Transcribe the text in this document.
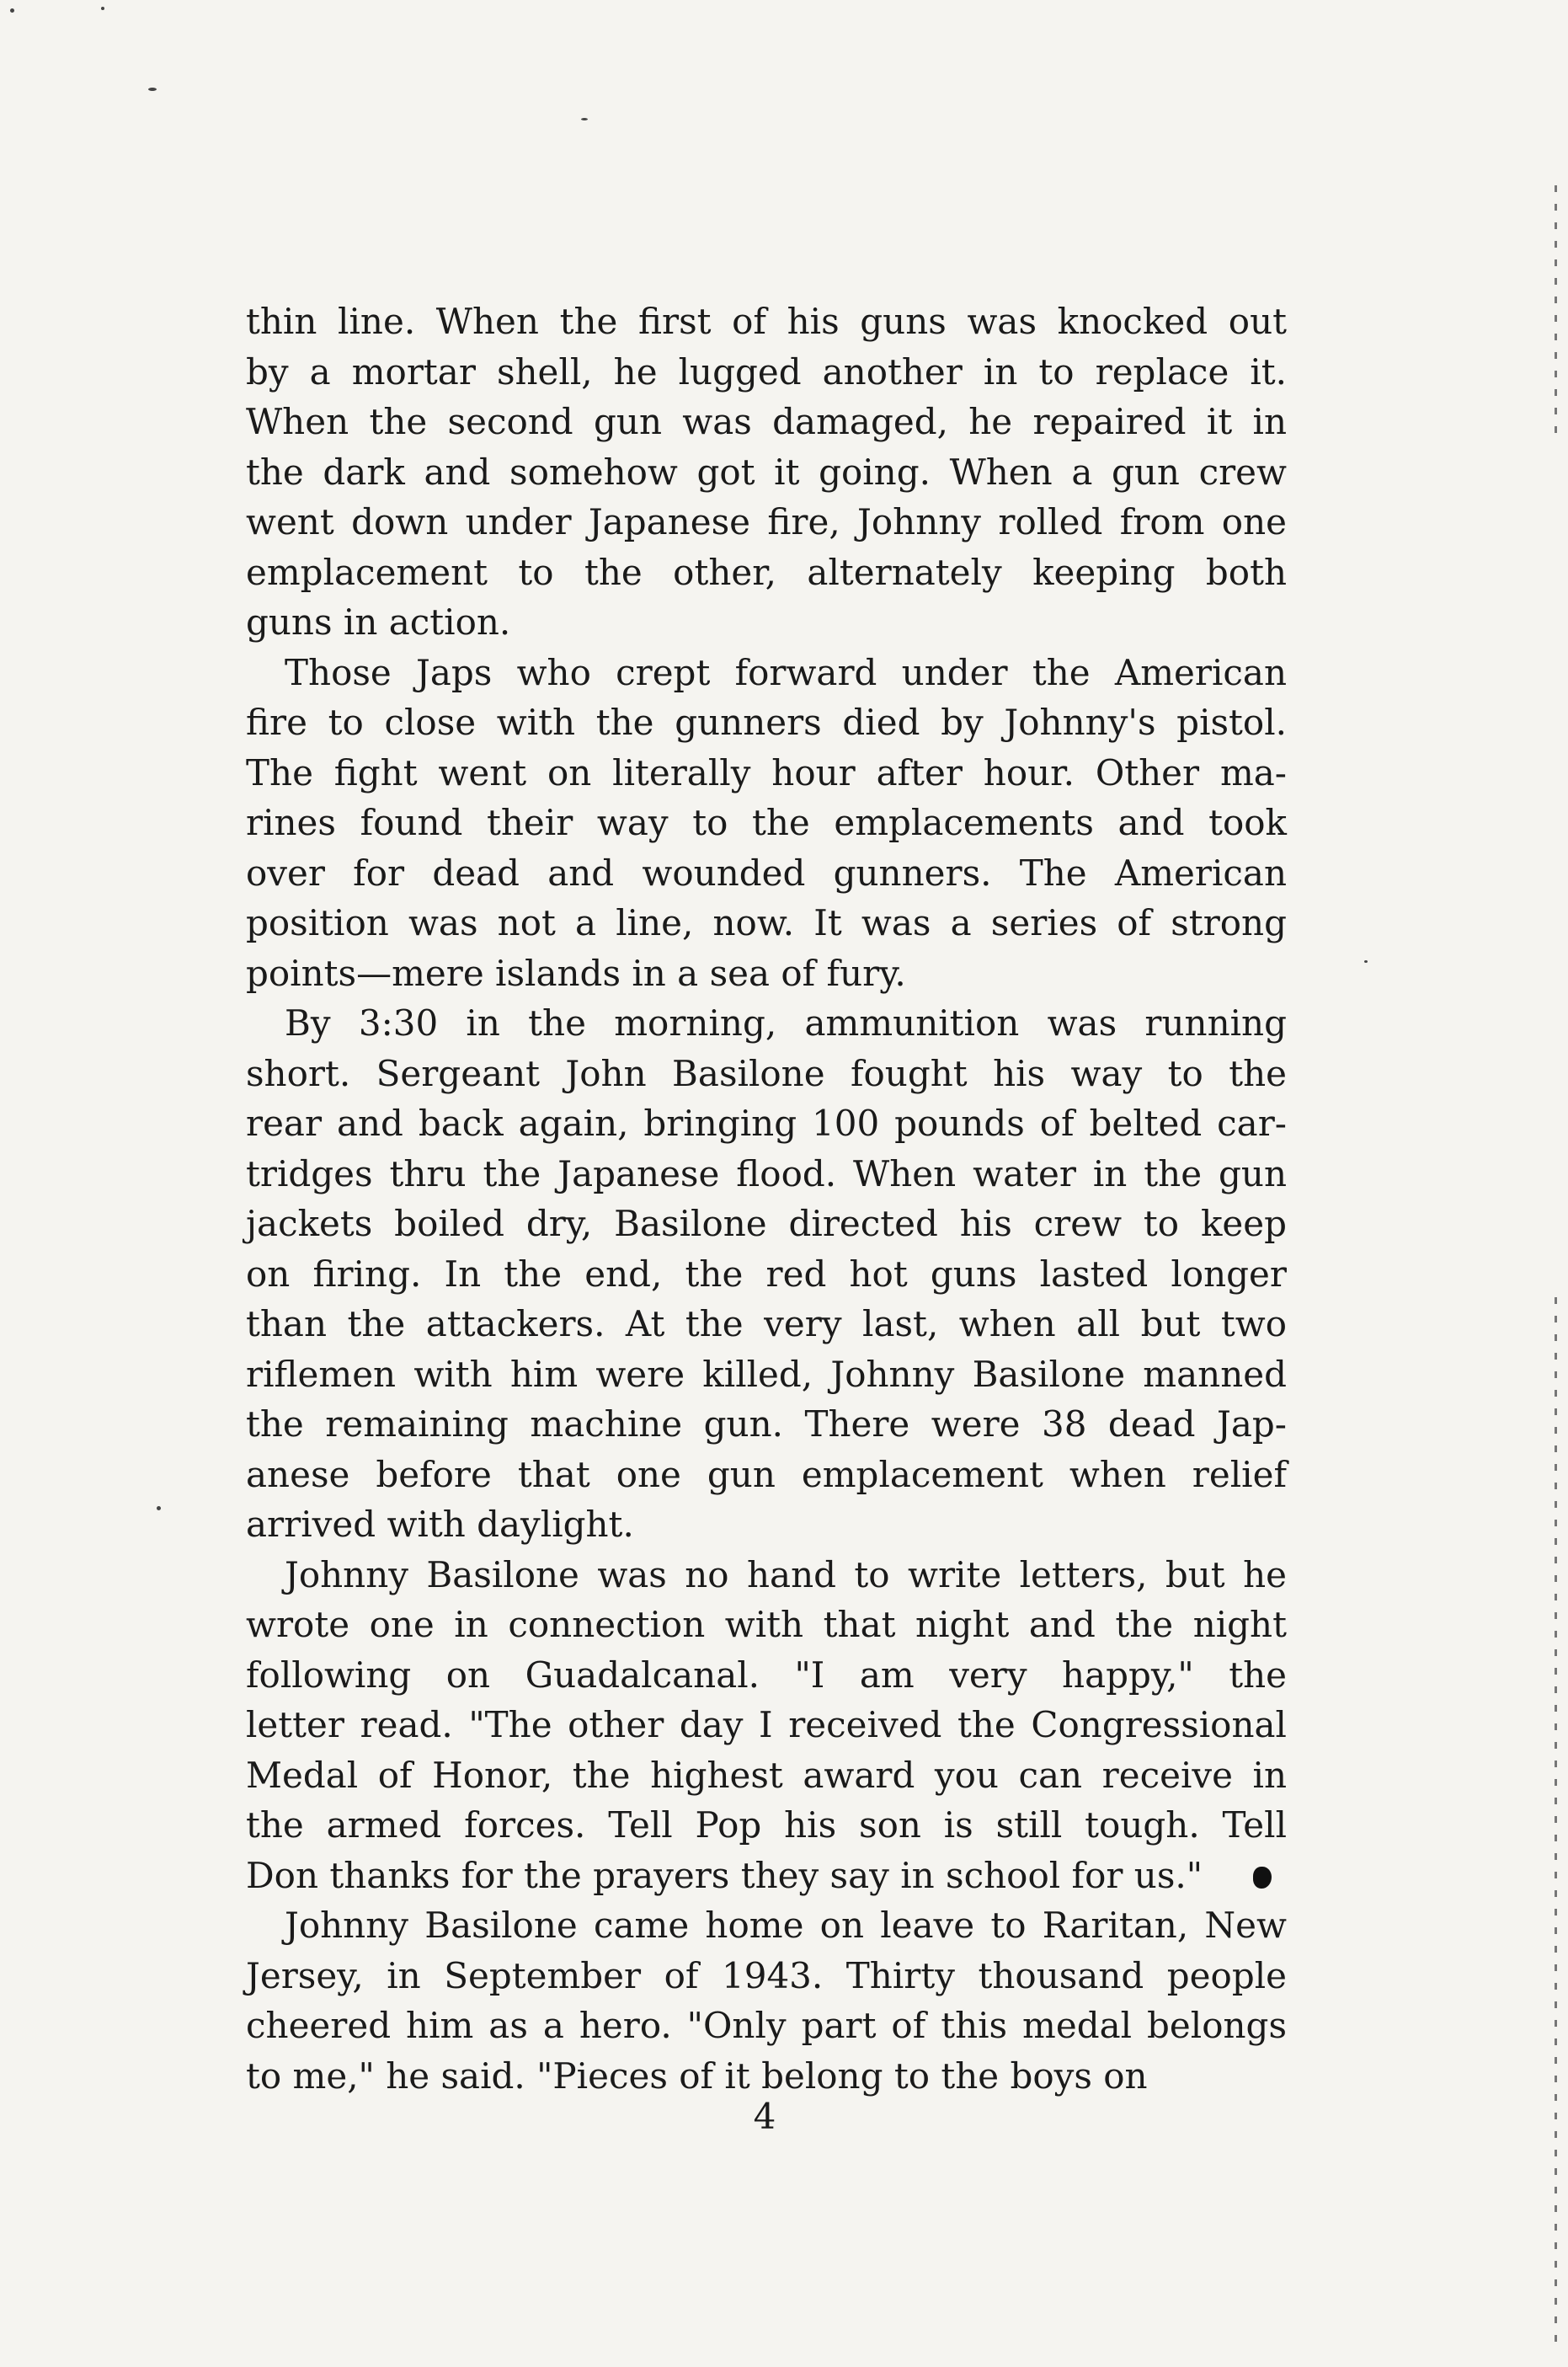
thin line. When the first of his guns was knocked out
by a mortar shell, he lugged another in to replace it.
When the second gun was damaged, he repaired it in
the dark and somehow got it going. When a gun crew
went down under Japanese fire, Johnny rolled from one
emplacement to the other, alternately keeping both
guns in action.
Those Japs who crept forward under the American
fire to close with the gunners died by Johnny's pistol.
The fight went on literally hour after hour. Other ma-
rines found their way to the emplacements and took
over for dead and wounded gunners. The American
position was not a line, now. It was a series of strong
points—mere islands in a sea of fury.
By 3:30 in the morning, ammunition was running
short. Sergeant John Basilone fought his way to the
rear and back again, bringing 100 pounds of belted car-
tridges thru the Japanese flood. When water in the gun
jackets boiled dry, Basilone directed his crew to keep
on firing. In the end, the red hot guns lasted longer
than the attackers. At the very last, when all but two
riflemen with him were killed, Johnny Basilone manned
the remaining machine gun. There were 38 dead Jap-
anese before that one gun emplacement when relief
arrived with daylight.
Johnny Basilone was no hand to write letters, but he
wrote one in connection with that night and the night
following on Guadalcanal. "I am very happy," the
letter read. "The other day I received the Congressional
Medal of Honor, the highest award you can receive in
the armed forces. Tell Pop his son is still tough. Tell
Don thanks for the prayers they say in school for us."
Johnny Basilone came home on leave to Raritan, New
Jersey, in September of 1943. Thirty thousand people
cheered him as a hero. "Only part of this medal belongs
to me," he said. "Pieces of it belong to the boys on
4
